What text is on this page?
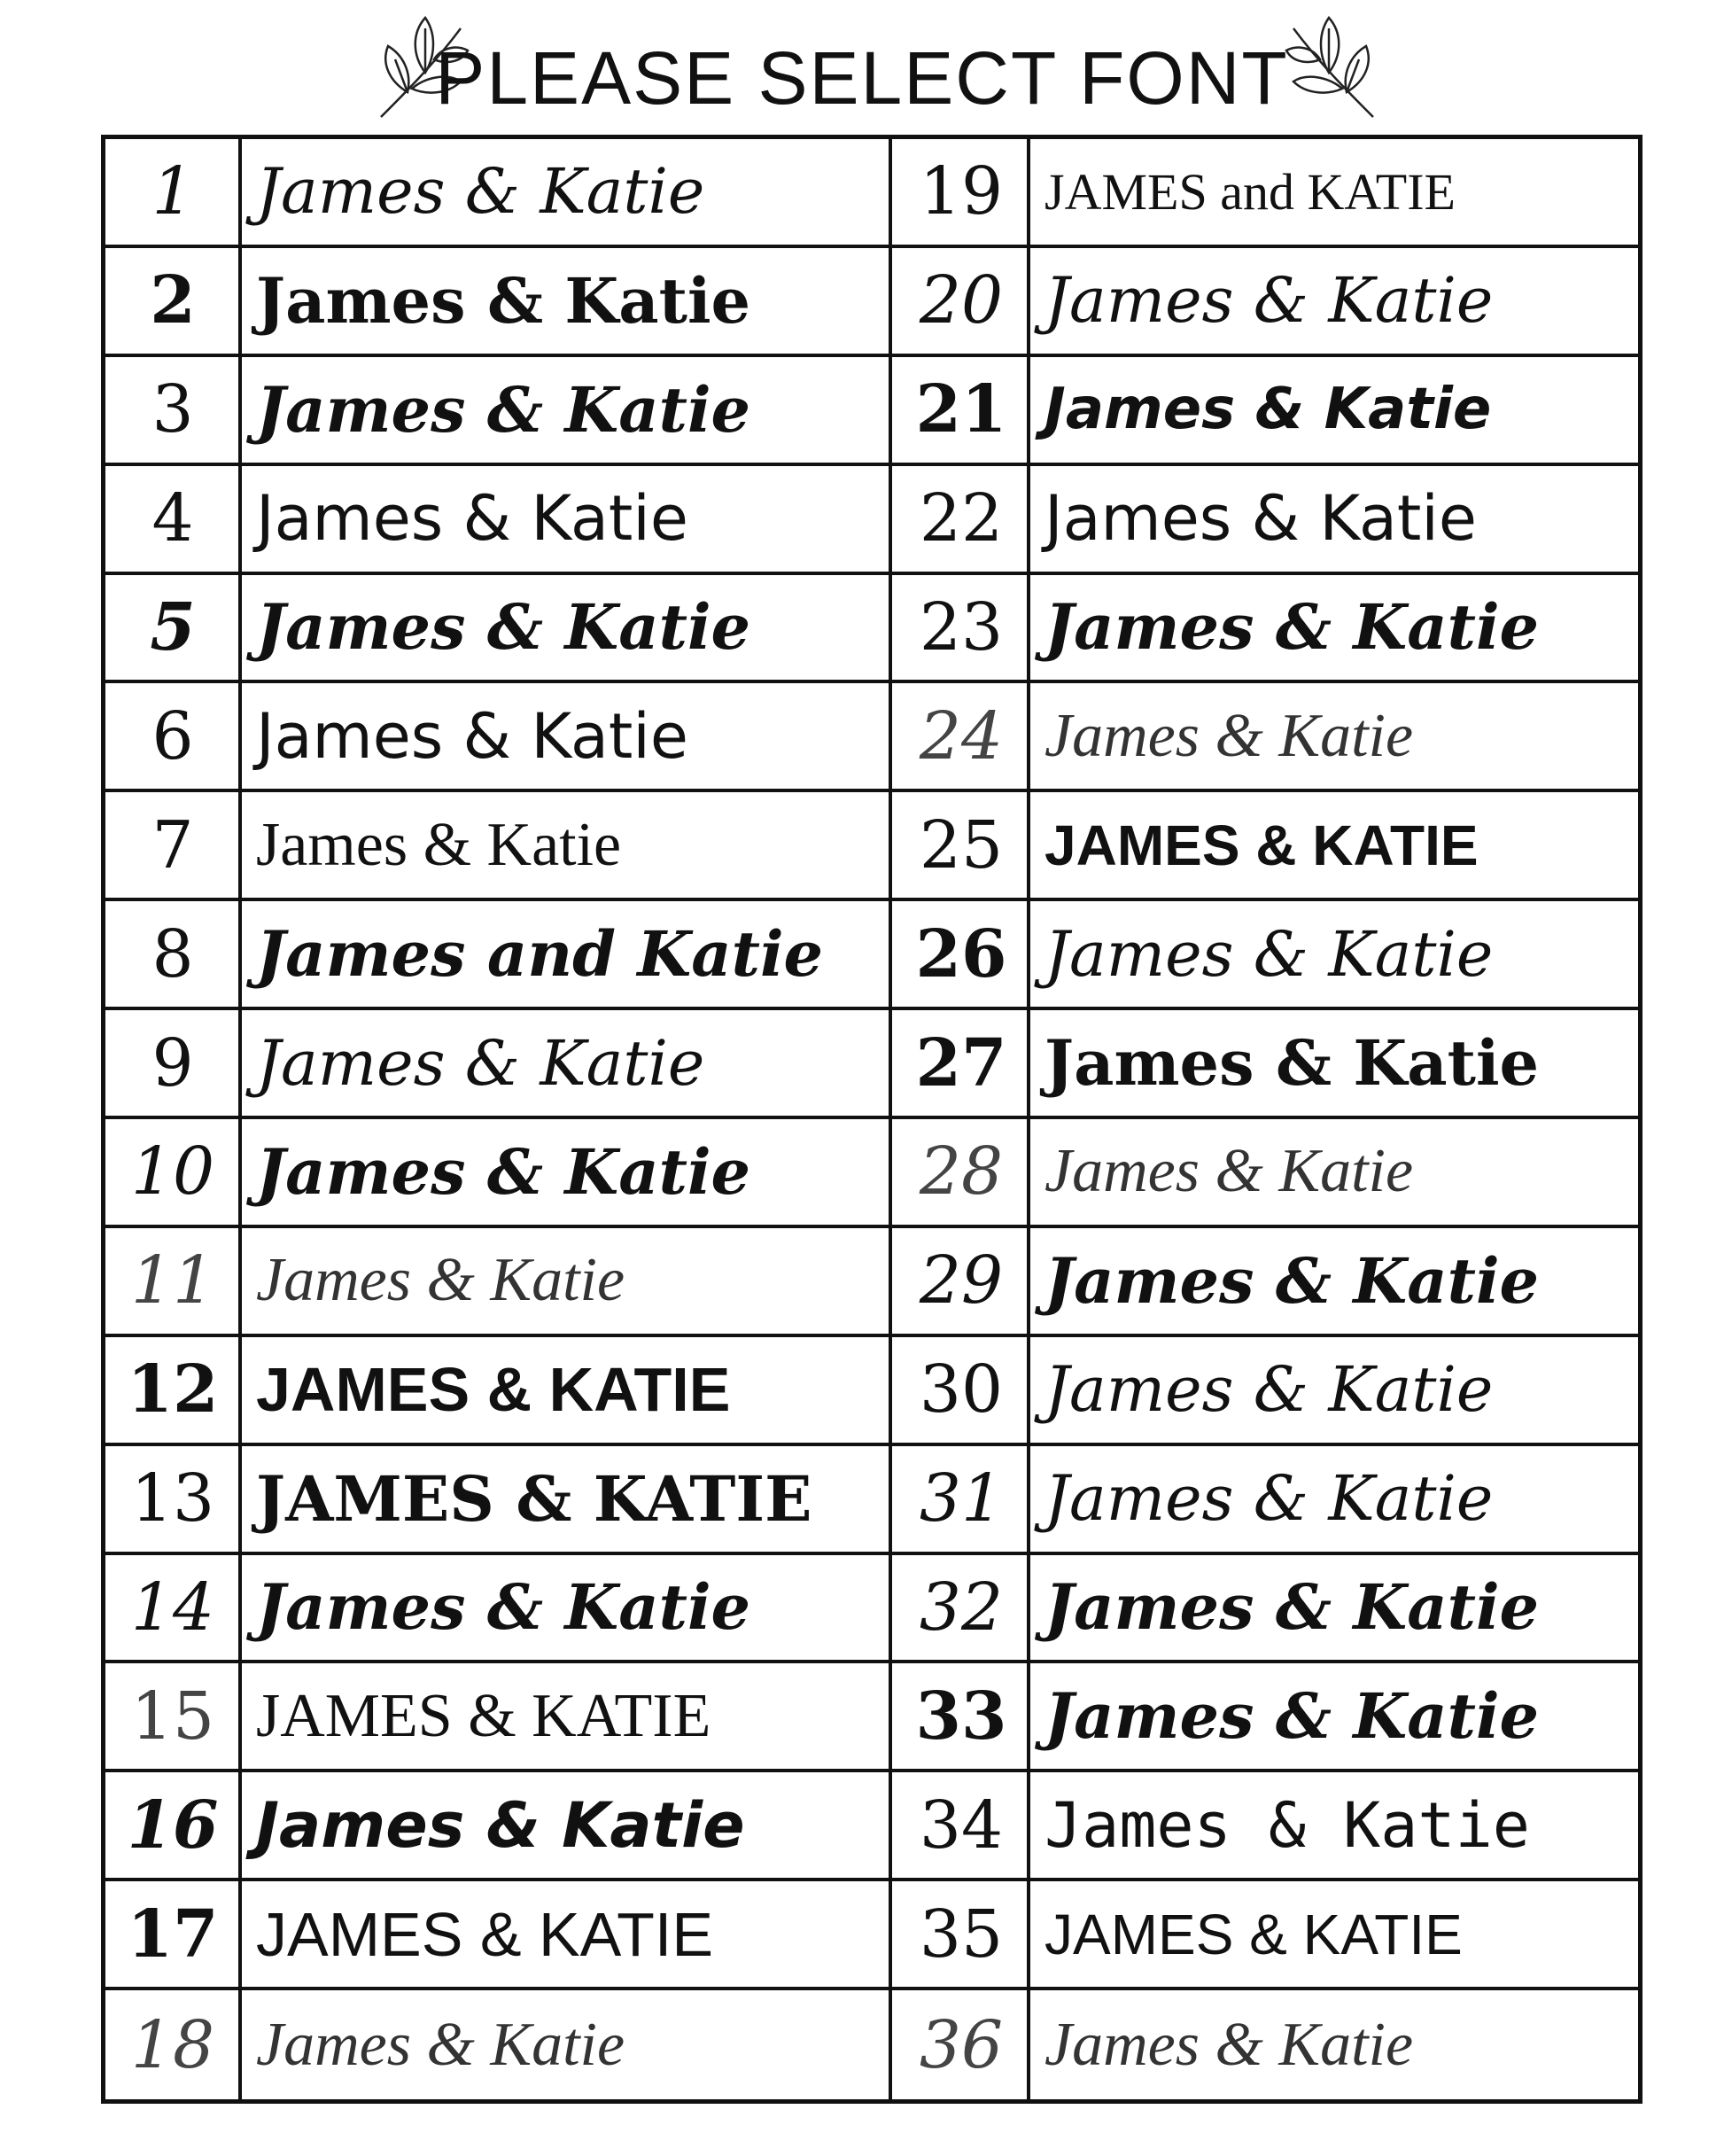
PLEASE SELECT FONT
1	James & Katie	19 JAMES and KATIE
2 James & Katie	20 James & Katie
3	James & Katie	21 James & Katie
4	James & Katie	22 James & Katie
5 James & Katie	23 James & Katie
6	James & Katie	24 James & Katie
7	James & Katie	25 JAMES & KATIE
8	James and Katie	26 James & Katie
9	James & Katie	27 James & Katie
10 James & Katie	28 James & Katie
11 James & Katie	29 James & Katie
12 JAMES & KATIE	30 James & Katie
13 JAMES & KATIE	31 James & Katie
14 James & Katie	32 James & Katie
15 JAMES & KATIE	33 James & Katie
16 James & Katie	34 James & Katie
17 JAMES & KATIE	35 JAMES & KATIE
18 James & Katie	36 James & Katie
